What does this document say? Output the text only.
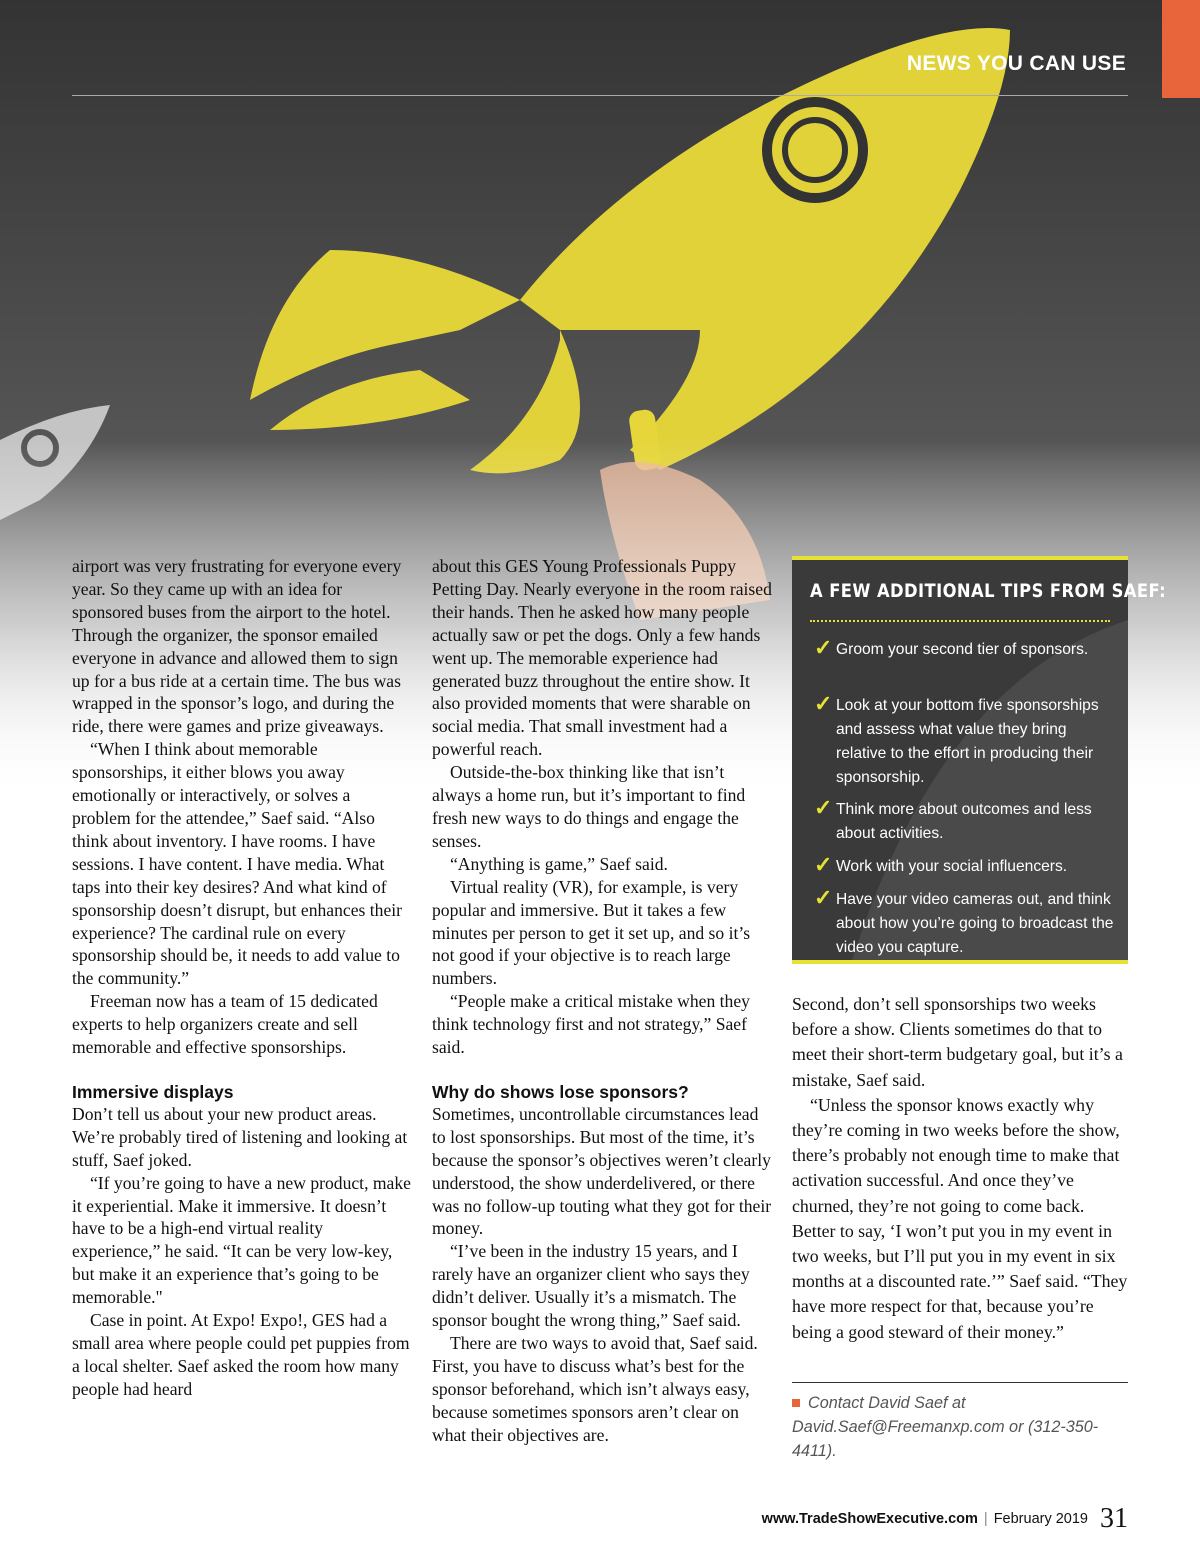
NEWS YOU CAN USE

airport was very frustrating for everyone every year. So they came up with an idea for sponsored buses from the airport to the hotel. Through the organizer, the sponsor emailed everyone in advance and allowed them to sign up for a bus ride at a certain time. The bus was wrapped in the sponsor’s logo, and during the ride, there were games and prize giveaways.

“When I think about memorable sponsorships, it either blows you away emotionally or interactively, or solves a problem for the attendee,” Saef said. “Also think about inventory. I have rooms. I have sessions. I have content. I have media. What taps into their key desires? And what kind of sponsorship doesn’t disrupt, but enhances their experience? The cardinal rule on every sponsorship should be, it needs to add value to the community.”

Freeman now has a team of 15 dedicated experts to help organizers create and sell memorable and effective sponsorships.

Immersive displays

Don’t tell us about your new product areas. We’re probably tired of listening and looking at stuff, Saef joked.

“If you’re going to have a new product, make it experiential. Make it immersive. It doesn’t have to be a high-end virtual reality experience,” he said. “It can be very low-key, but make it an experience that’s going to be memorable."

Case in point. At Expo! Expo!, GES had a small area where people could pet puppies from a local shelter. Saef asked the room how many people had heard

about this GES Young Professionals Puppy Petting Day. Nearly everyone in the room raised their hands. Then he asked how many people actually saw or pet the dogs. Only a few hands went up. The memorable experience had generated buzz throughout the entire show. It also provided moments that were sharable on social media. That small investment had a powerful reach.

Outside-the-box thinking like that isn’t always a home run, but it’s important to find fresh new ways to do things and engage the senses.

“Anything is game,” Saef said.

Virtual reality (VR), for example, is very popular and immersive. But it takes a few minutes per person to get it set up, and so it’s not good if your objective is to reach large numbers.

“People make a critical mistake when they think technology first and not strategy,” Saef said.

Why do shows lose sponsors?

Sometimes, uncontrollable circumstances lead to lost sponsorships. But most of the time, it’s because the sponsor’s objectives weren’t clearly understood, the show underdelivered, or there was no follow-up touting what they got for their money.

“I’ve been in the industry 15 years, and I rarely have an organizer client who says they didn’t deliver. Usually it’s a mismatch. The sponsor bought the wrong thing,” Saef said.

There are two ways to avoid that, Saef said. First, you have to discuss what’s best for the sponsor beforehand, which isn’t always easy, because sometimes sponsors aren’t clear on what their objectives are.

A FEW ADDITIONAL TIPS FROM SAEF:
✓ Groom your second tier of sponsors.
✓ Look at your bottom five sponsorships and assess what value they bring relative to the effort in producing their sponsorship.
✓ Think more about outcomes and less about activities.
✓ Work with your social influencers.
✓ Have your video cameras out, and think about how you’re going to broadcast the video you capture.

Second, don’t sell sponsorships two weeks before a show. Clients sometimes do that to meet their short-term budgetary goal, but it’s a mistake, Saef said.

“Unless the sponsor knows exactly why they’re coming in two weeks before the show, there’s probably not enough time to make that activation successful. And once they’ve churned, they’re not going to come back. Better to say, ‘I won’t put you in my event in two weeks, but I’ll put you in my event in six months at a discounted rate.’” Saef said. “They have more respect for that, because you’re being a good steward of their money.”

Contact David Saef at David.Saef@Freemanxp.com or (312-350-4411).
www.TradeShowExecutive.com | February 2019 31
